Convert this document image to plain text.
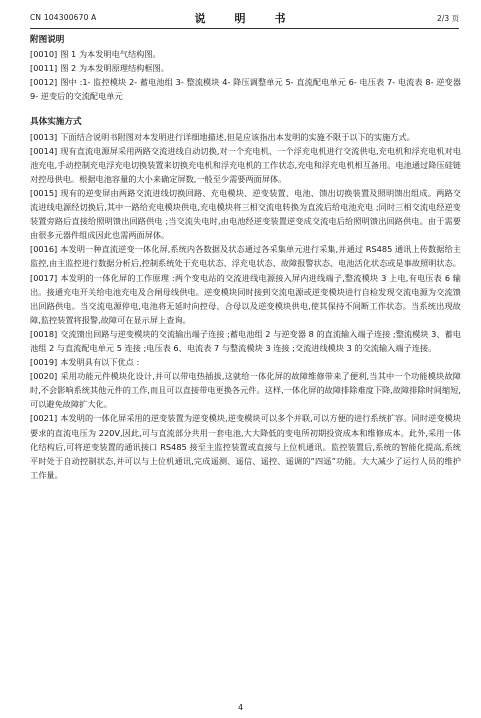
CN 104300670 A	说　明　书	2/3 页

附图说明

[0010] 图 1 为本发明电气结构图。

[0011] 图 2 为本发明原理结构框图。

[0012] 图中 :1- 监控模块 2- 蓄电池组 3- 整流模块 4- 降压调整单元 5- 直流配电单元 6- 电压表 7- 电流表 8- 逆变器 9- 逆变后的交流配电单元

具体实施方式

[0013] 下面结合说明书附图对本发明进行详细地描述,但是应该指出本发明的实施不限于以下的实施方式。

[0014] 现有直流电源屏采用两路交流进线自动切换,对一个充电机、一个浮充电机进行交流供电,充电机和浮充电机对电池充电,手动控制充电浮充电切换装置来切换充电机和浮充电机的工作状态,充电和浮充电机相互备用。电池通过降压硅链对控母供电。根据电池容量的大小来确定屏数,一般至少需要两面屏体。

[0015] 现有的逆变屏由两路交流进线切换回路、充电模块、逆变装置、电池、馈出切换装置及照明馈出组成。两路交流进线电源经切换后,其中一路给充电模块供电,充电模块将三相交流电转换为直流后给电池充电 ;同时三相交流电经逆变装置旁路后直接给照明馈出回路供电 ;当交流失电时,由电池经逆变装置逆变成交流电后给照明馈出回路供电。由于需要由很多元器件组成因此也需两面屏体。

[0016] 本发明一种直流逆变一体化屏,系统内各数据及状态通过各采集单元进行采集,并通过 RS485 通讯上传数据给主监控,由主监控进行数据分析后,控制系统处于充电状态、浮充电状态、故障报警状态、电池活化状态或是事故照明状态。

[0017] 本发明的一体化屏的工作原理 :两个变电站的交流进线电源接入屏内进线端子,整流模块 3 上电,有电压表 6 输出。接通充电开关给电池充电及合闸母线供电。逆变模块同时接到交流电源或逆变模块进行自检发现交流电源为交流馈出回路供电。当交流电源停电,电池将无延时向控母、合母以及逆变模块供电,使其保持不间断工作状态。当系统出现故障,监控装置将报警,故障可在显示屏上查询。

[0018] 交流馈出回路与逆变模块的交流输出端子连接 ;蓄电池组 2 与逆变器 8 的直流输入端子连接 ;整流模块 3、蓄电池组 2 与直流配电单元 5 连接 ;电压表 6、电流表 7 与整流模块 3 连接 ;交流进线模块 3 的交流输入端子连接。

[0019] 本发明具有以下优点 :

[0020] 采用功能元件模块化设计,并可以带电热插拔,这就给一体化屏的故障维修带来了便利,当其中一个功能模块故障时,不会影响系统其他元件的工作,而且可以直接带电更换各元件。这样,一体化屏的故障排除难度下降,故障排除时间缩短,可以避免故障扩大化。

[0021] 本发明的一体化屏采用的逆变装置为逆变模块,逆变模块可以多个并联,可以方便的进行系统扩容。同时逆变模块要求的直流电压为 220V,因此,可与直流部分共用一套电池,大大降低的变电所初期投资成本和维修成本。此外,采用一体化结构后,可将逆变装置的通讯接口 RS485 接至主监控装置或直接与上位机通讯。监控装置后,系统的智能化提高,系统平时处于自动控制状态,并可以与上位机通讯,完成遥测、遥信、遥控、遥调的“四遥”功能。大大减少了运行人员的维护工作量。

4
